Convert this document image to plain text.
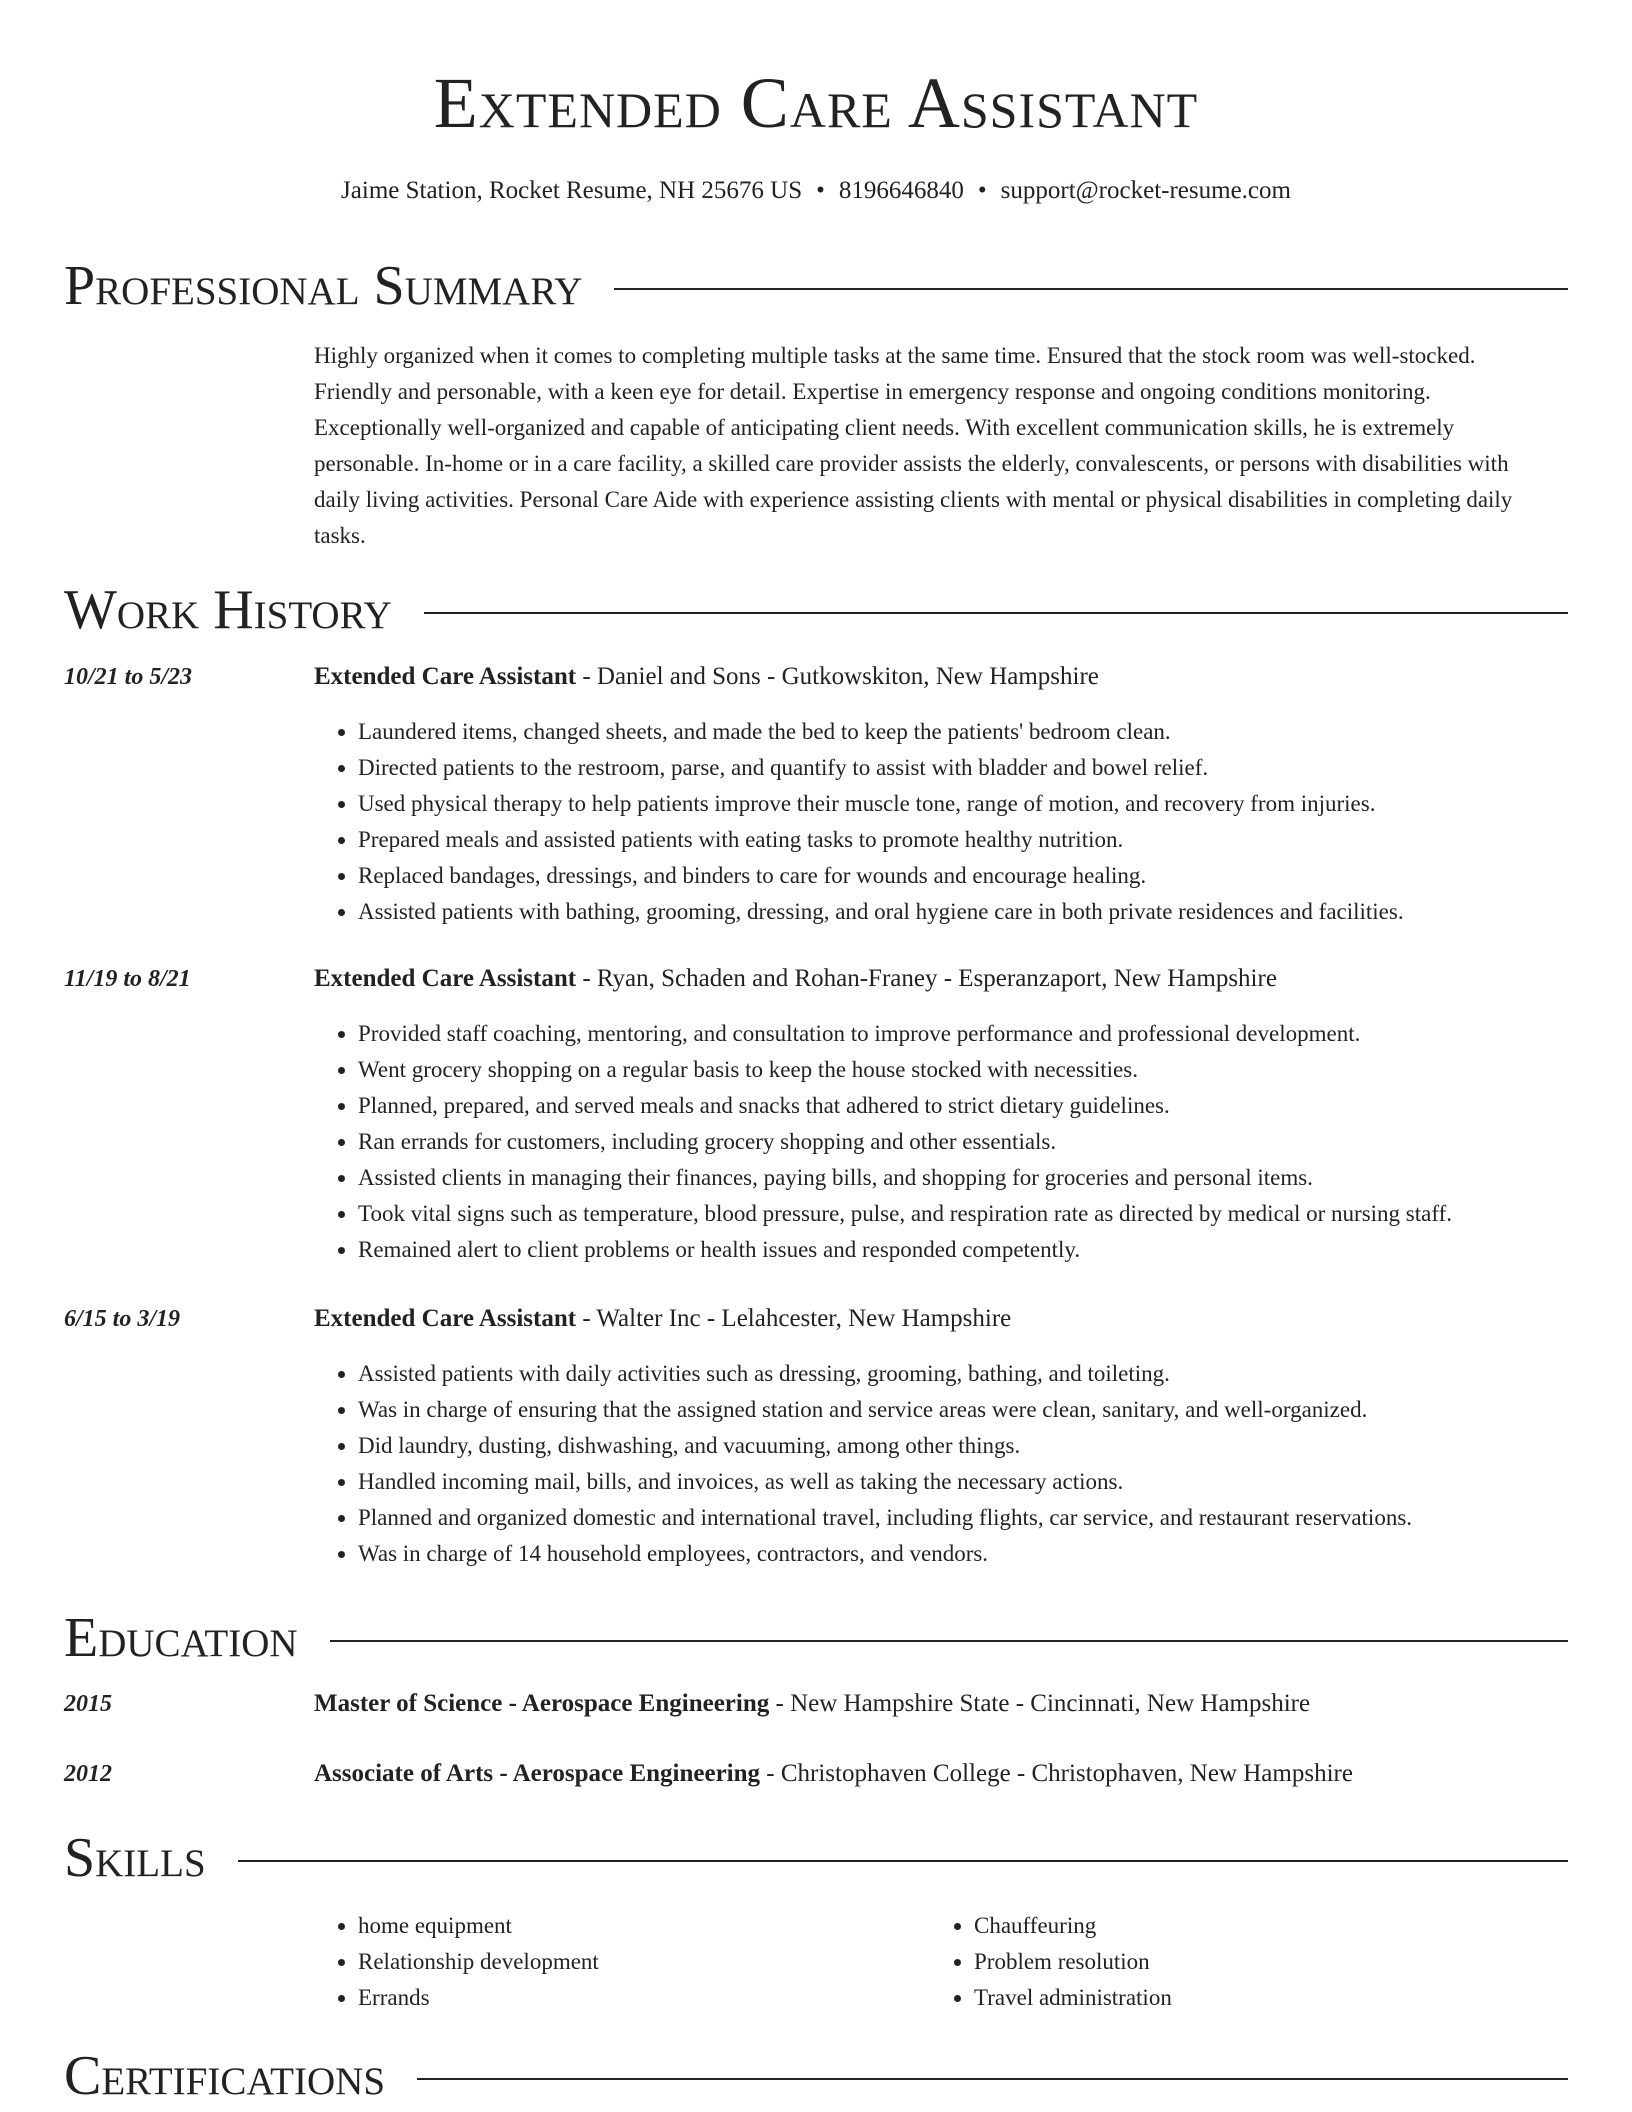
Extended Care Assistant
Jaime Station, Rocket Resume, NH 25676 US • 8196646840 • support@rocket-resume.com
Professional Summary
Highly organized when it comes to completing multiple tasks at the same time. Ensured that the stock room was well-stocked. Friendly and personable, with a keen eye for detail. Expertise in emergency response and ongoing conditions monitoring. Exceptionally well-organized and capable of anticipating client needs. With excellent communication skills, he is extremely personable. In-home or in a care facility, a skilled care provider assists the elderly, convalescents, or persons with disabilities with daily living activities. Personal Care Aide with experience assisting clients with mental or physical disabilities in completing daily tasks.
Work History
10/21 to 5/23	Extended Care Assistant - Daniel and Sons - Gutkowskiton, New Hampshire
• Laundered items, changed sheets, and made the bed to keep the patients' bedroom clean.
• Directed patients to the restroom, parse, and quantify to assist with bladder and bowel relief.
• Used physical therapy to help patients improve their muscle tone, range of motion, and recovery from injuries.
• Prepared meals and assisted patients with eating tasks to promote healthy nutrition.
• Replaced bandages, dressings, and binders to care for wounds and encourage healing.
• Assisted patients with bathing, grooming, dressing, and oral hygiene care in both private residences and facilities.
11/19 to 8/21	Extended Care Assistant - Ryan, Schaden and Rohan-Franey - Esperanzaport, New Hampshire
• Provided staff coaching, mentoring, and consultation to improve performance and professional development.
• Went grocery shopping on a regular basis to keep the house stocked with necessities.
• Planned, prepared, and served meals and snacks that adhered to strict dietary guidelines.
• Ran errands for customers, including grocery shopping and other essentials.
• Assisted clients in managing their finances, paying bills, and shopping for groceries and personal items.
• Took vital signs such as temperature, blood pressure, pulse, and respiration rate as directed by medical or nursing staff.
• Remained alert to client problems or health issues and responded competently.
6/15 to 3/19	Extended Care Assistant - Walter Inc - Lelahcester, New Hampshire
• Assisted patients with daily activities such as dressing, grooming, bathing, and toileting.
• Was in charge of ensuring that the assigned station and service areas were clean, sanitary, and well-organized.
• Did laundry, dusting, dishwashing, and vacuuming, among other things.
• Handled incoming mail, bills, and invoices, as well as taking the necessary actions.
• Planned and organized domestic and international travel, including flights, car service, and restaurant reservations.
• Was in charge of 14 household employees, contractors, and vendors.
Education
2015	Master of Science - Aerospace Engineering - New Hampshire State - Cincinnati, New Hampshire
2012	Associate of Arts - Aerospace Engineering - Christophaven College - Christophaven, New Hampshire
Skills
• home equipment
• Relationship development
• Errands
• Chauffeuring
• Problem resolution
• Travel administration
Certifications
